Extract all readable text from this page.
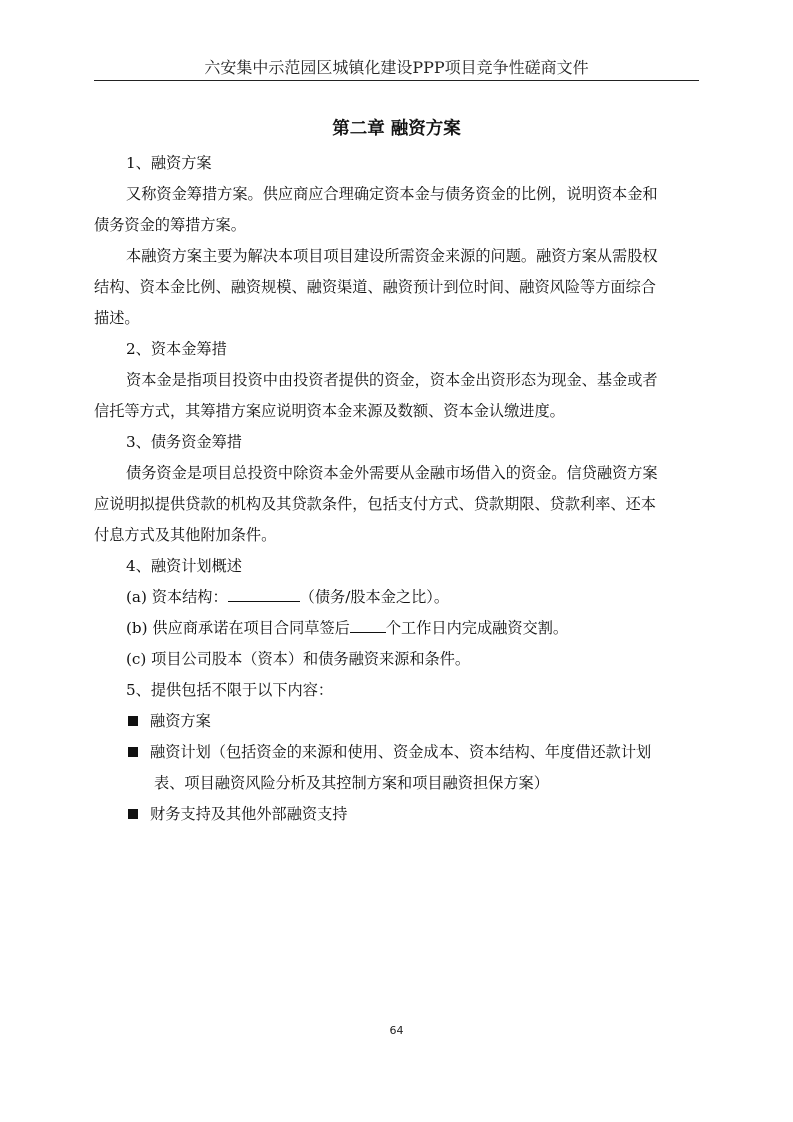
六安集中示范园区城镇化建设PPP项目竞争性磋商文件
第二章 融资方案
1、融资方案
又称资金筹措方案。供应商应合理确定资本金与债务资金的比例，说明资本金和
债务资金的筹措方案。
本融资方案主要为解决本项目项目建设所需资金来源的问题。融资方案从需股权
结构、资本金比例、融资规模、融资渠道、融资预计到位时间、融资风险等方面综合
描述。
2、资本金筹措
资本金是指项目投资中由投资者提供的资金，资本金出资形态为现金、基金或者
信托等方式，其筹措方案应说明资本金来源及数额、资本金认缴进度。
3、债务资金筹措
债务资金是项目总投资中除资本金外需要从金融市场借入的资金。信贷融资方案
应说明拟提供贷款的机构及其贷款条件，包括支付方式、贷款期限、贷款利率、还本
付息方式及其他附加条件。
4、融资计划概述
(a) 资本结构：	（债务/股本金之比）。
(b) 供应商承诺在项目合同草签后 个工作日内完成融资交割。
(c) 项目公司股本（资本）和债务融资来源和条件。
5、提供包括不限于以下内容：
融资方案
融资计划（包括资金的来源和使用、资金成本、资本结构、年度借还款计划
表、项目融资风险分析及其控制方案和项目融资担保方案）
财务支持及其他外部融资支持
64
